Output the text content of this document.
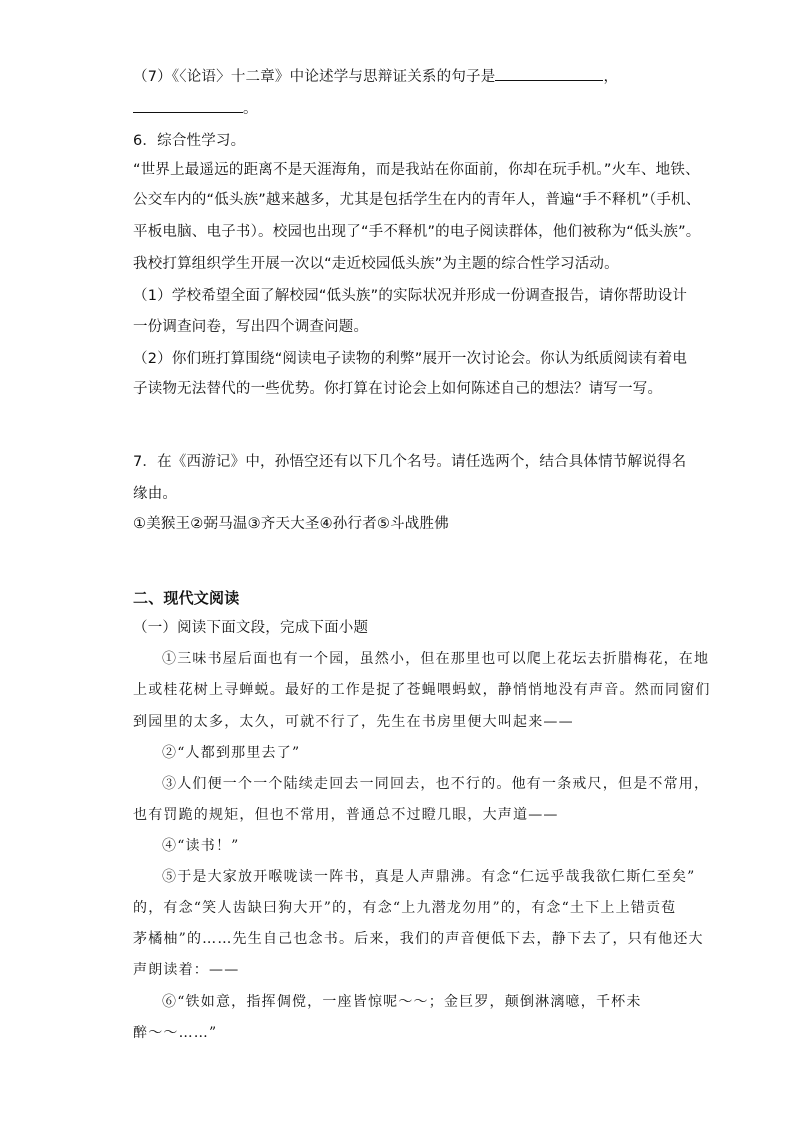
（7）《〈论语〉十二章》中论述学与思辩证关系的句子是	，
。
6．综合性学习。
“世界上最遥远的距离不是天涯海角，而是我站在你面前，你却在玩手机。”火车、地铁、
公交车内的“低头族”越来越多，尤其是包括学生在内的青年人，普遍“手不释机”（手机、
平板电脑、电子书）。校园也出现了“手不释机”的电子阅读群体，他们被称为“低头族”。
我校打算组织学生开展一次以“走近校园低头族”为主题的综合性学习活动。
（1）学校希望全面了解校园“低头族”的实际状况并形成一份调查报告，请你帮助设计
一份调查问卷，写出四个调查问题。
（2）你们班打算围绕“阅读电子读物的利弊”展开一次讨论会。你认为纸质阅读有着电
子读物无法替代的一些优势。你打算在讨论会上如何陈述自己的想法？请写一写。
7．在《西游记》中，孙悟空还有以下几个名号。请任选两个，结合具体情节解说得名
缘由。
①美猴王②弼马温③齐天大圣④孙行者⑤斗战胜佛
二、现代文阅读
（一）阅读下面文段，完成下面小题
①三味书屋后面也有一个园，虽然小，但在那里也可以爬上花坛去折腊梅花，在地
上或桂花树上寻蝉蜕。最好的工作是捉了苍蝇喂蚂蚁，静悄悄地没有声音。然而同窗们
到园里的太多，太久，可就不行了，先生在书房里便大叫起来——
②“人都到那里去了”
③人们便一个一个陆续走回去一同回去，也不行的。他有一条戒尺，但是不常用，
也有罚跪的规矩，但也不常用，普通总不过瞪几眼，大声道——
④“读书！”
⑤于是大家放开喉咙读一阵书，真是人声鼎沸。有念“仁远乎哉我欲仁斯仁至矣”
的，有念“笑人齿缺曰狗大开”的，有念“上九潜龙勿用”的，有念“土下上上错贡苞
茅橘柚”的……先生自己也念书。后来，我们的声音便低下去，静下去了，只有他还大
声朗读着：——
⑥“铁如意，指挥倜傥，一座皆惊呢～～；金巨罗，颠倒淋漓噫，千杯未
醉～～……”
